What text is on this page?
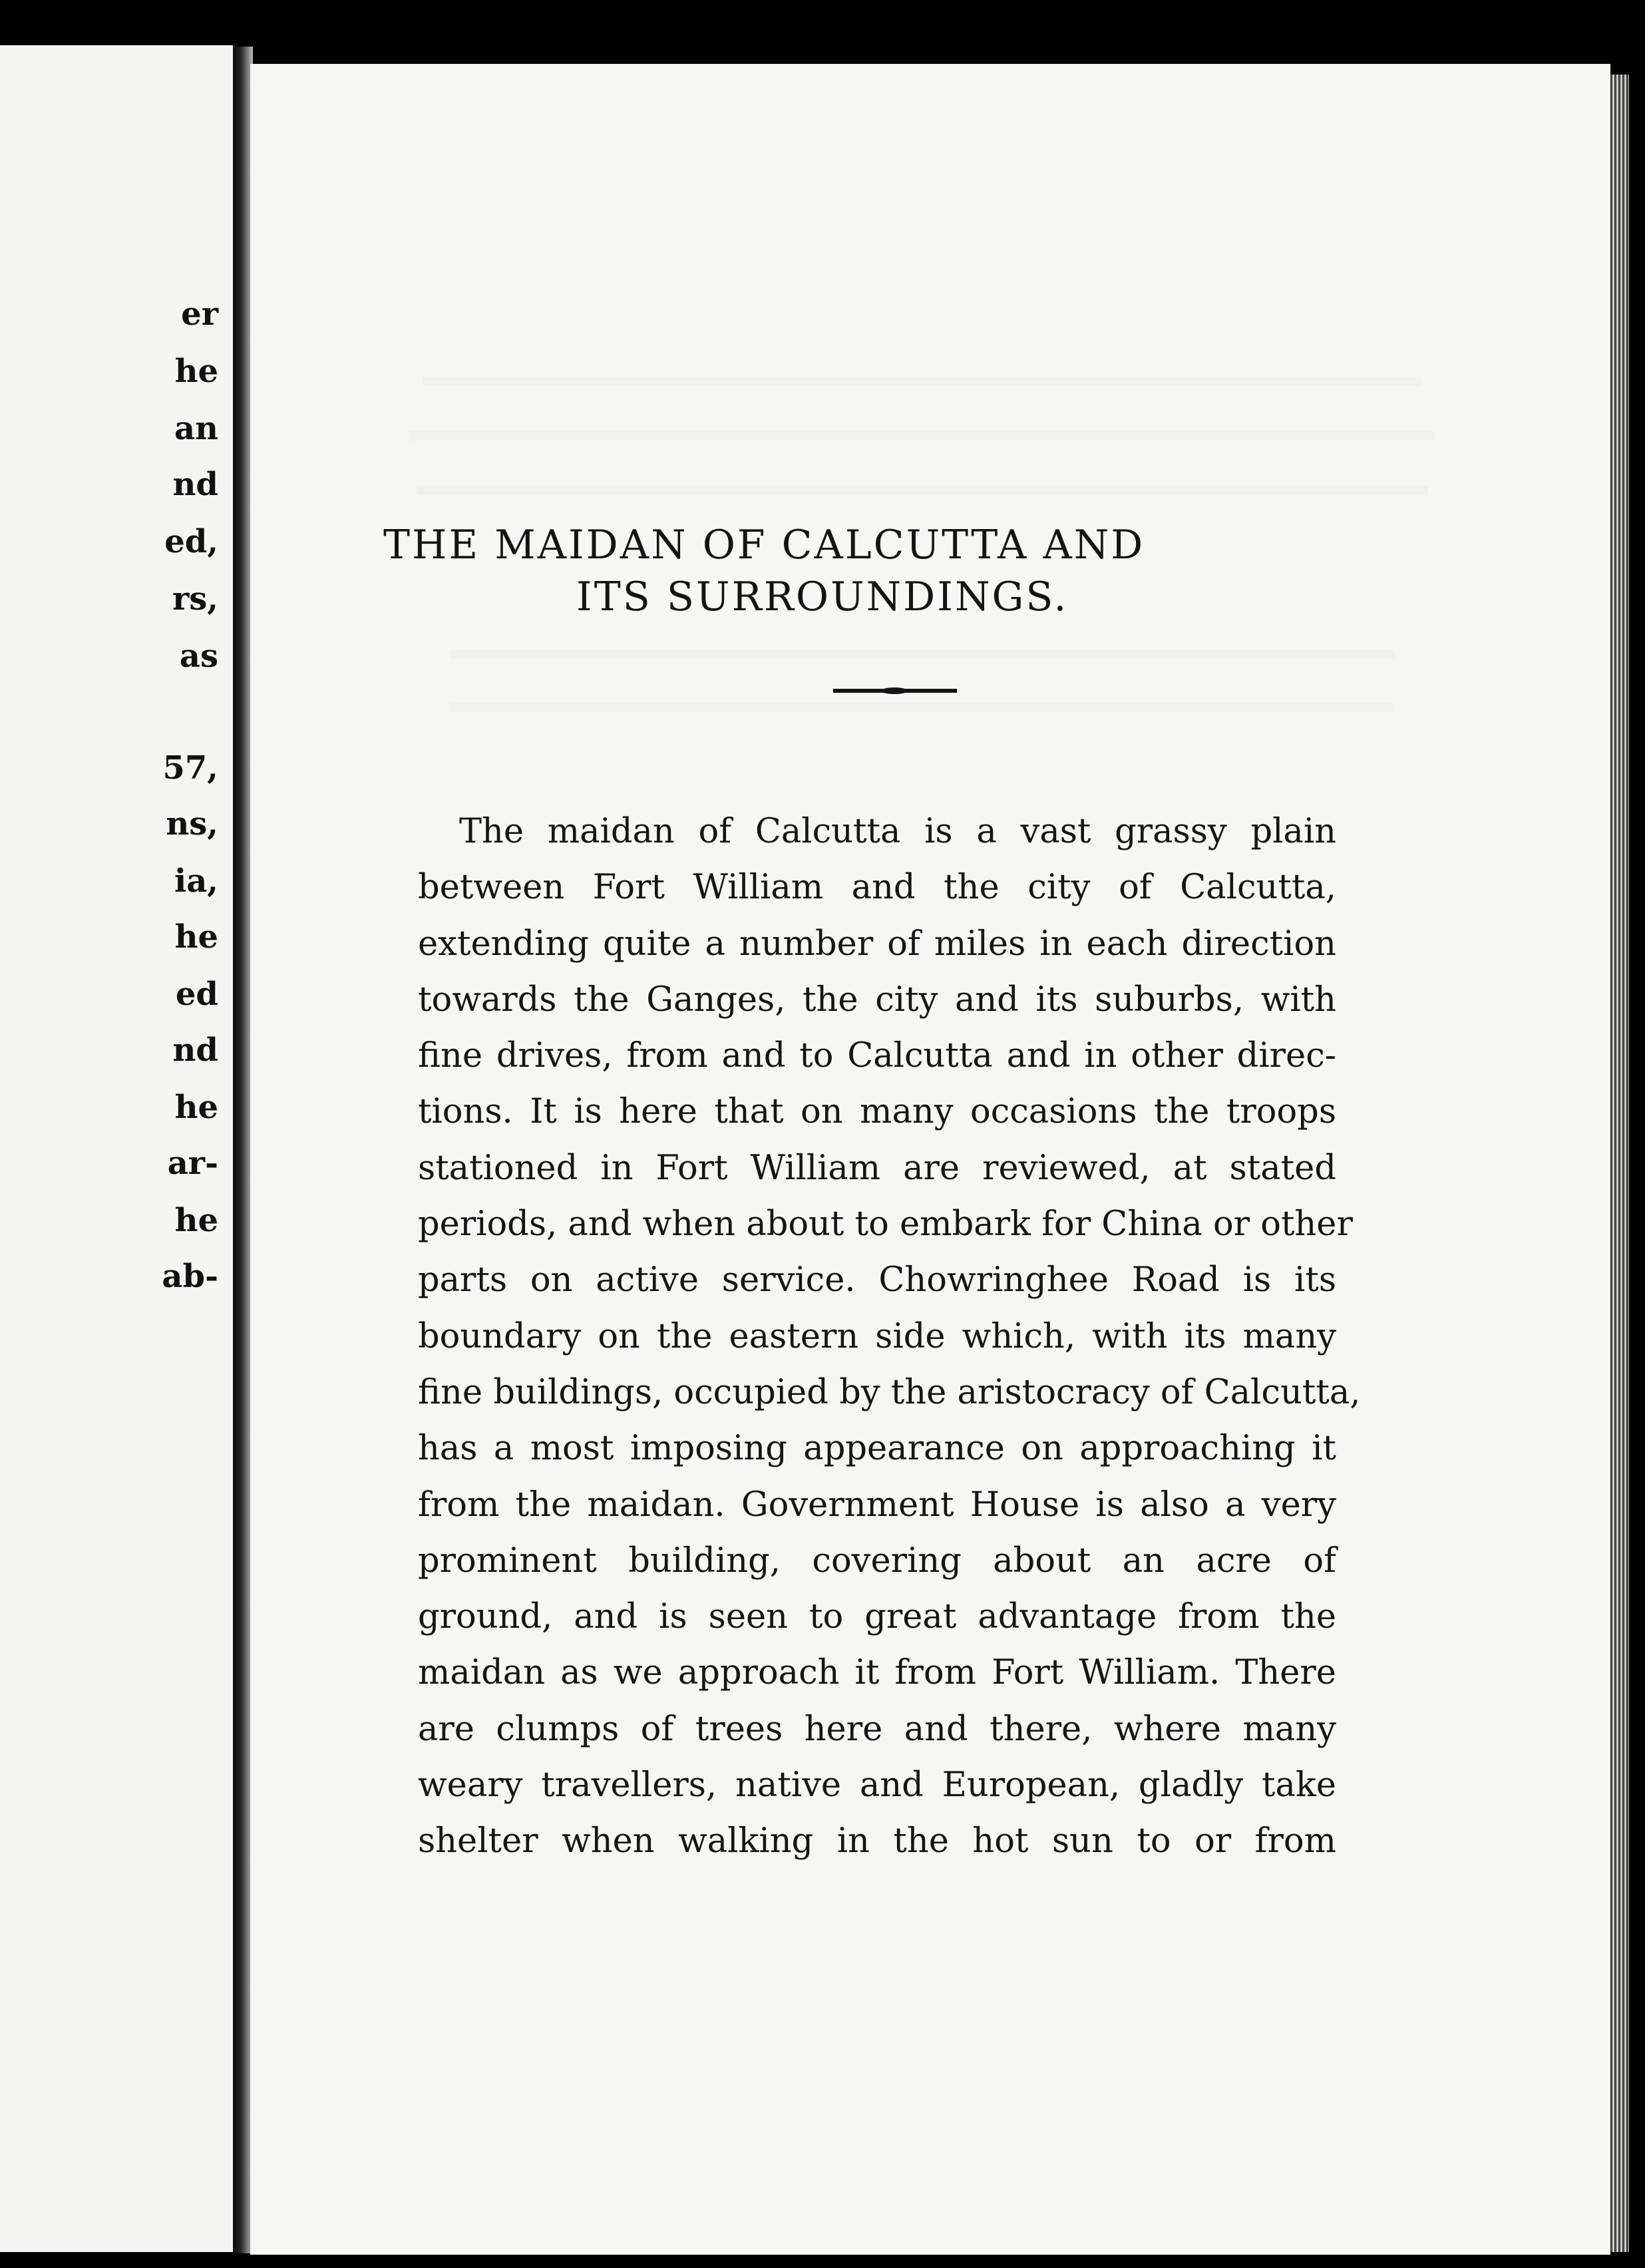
er
he
an
nd
ed,
rs,
as
57,
ns,
ia,
he
ed
nd
he
ar-
he
ab-
THE MAIDAN OF CALCUTTA AND
ITS SURROUNDINGS.
The maidan of Calcutta is a vast grassy plain
between Fort William and the city of Calcutta,
extending quite a number of miles in each direction
towards the Ganges, the city and its suburbs, with
fine drives, from and to Calcutta and in other direc-
tions. It is here that on many occasions the troops
stationed in Fort William are reviewed, at stated
periods, and when about to embark for China or other
parts on active service. Chowringhee Road is its
boundary on the eastern side which, with its many
fine buildings, occupied by the aristocracy of Calcutta,
has a most imposing appearance on approaching it
from the maidan. Government House is also a very
prominent building, covering about an acre of
ground, and is seen to great advantage from the
maidan as we approach it from Fort William. There
are clumps of trees here and there, where many
weary travellers, native and European, gladly take
shelter when walking in the hot sun to or from
